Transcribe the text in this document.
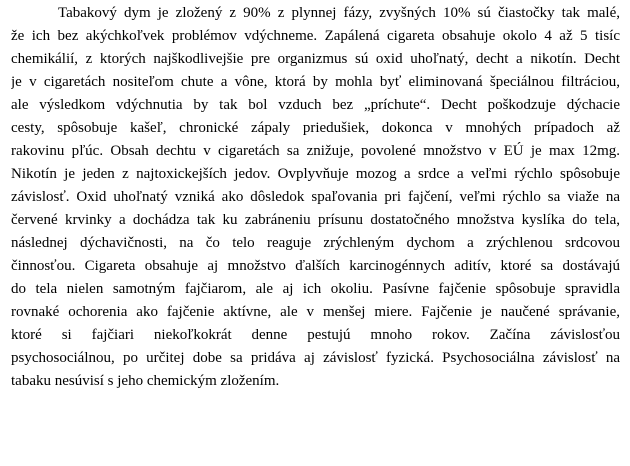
Tabakový dym je zložený z 90% z plynnej fázy, zvyšných 10% sú čiastočky tak malé,
že ich bez akýchkoľvek problémov vdýchneme. Zapálená cigareta obsahuje okolo 4 až 5 tisíc
chemikálií, z ktorých najškodlivejšie pre organizmus sú oxid uhoľnatý, decht a nikotín. Decht
je v cigaretách nositeľom chute a vône, ktorá by mohla byť eliminovaná špeciálnou filtráciou,
ale výsledkom vdýchnutia by tak bol vzduch bez „príchute“. Decht poškodzuje dýchacie
cesty, spôsobuje kašeľ, chronické zápaly priedušiek, dokonca v mnohých prípadoch až
rakovinu pľúc. Obsah dechtu v cigaretách sa znižuje, povolené množstvo v EÚ je max 12mg.
Nikotín je jeden z najtoxickejších jedov. Ovplyvňuje mozog a srdce a veľmi rýchlo spôsobuje
závislosť. Oxid uhoľnatý vzniká ako dôsledok spaľovania pri fajčení, veľmi rýchlo sa viaže na
červené krvinky a dochádza tak ku zabráneniu prísunu dostatočného množstva kyslíka do tela,
následnej dýchavičnosti, na čo telo reaguje zrýchleným dychom a zrýchlenou srdcovou
činnosťou. Cigareta obsahuje aj množstvo ďalších karcinogénnych aditív, ktoré sa dostávajú
do tela nielen samotným fajčiarom, ale aj ich okoliu. Pasívne fajčenie spôsobuje spravidla
rovnaké ochorenia ako fajčenie aktívne, ale v menšej miere. Fajčenie je naučené správanie,
ktoré si fajčiari niekoľkokrát denne pestujú mnoho rokov. Začína závislosťou
psychosociálnou, po určitej dobe sa pridáva aj závislosť fyzická. Psychosociálna závislosť na
tabaku nesúvisí s jeho chemickým zložením.
